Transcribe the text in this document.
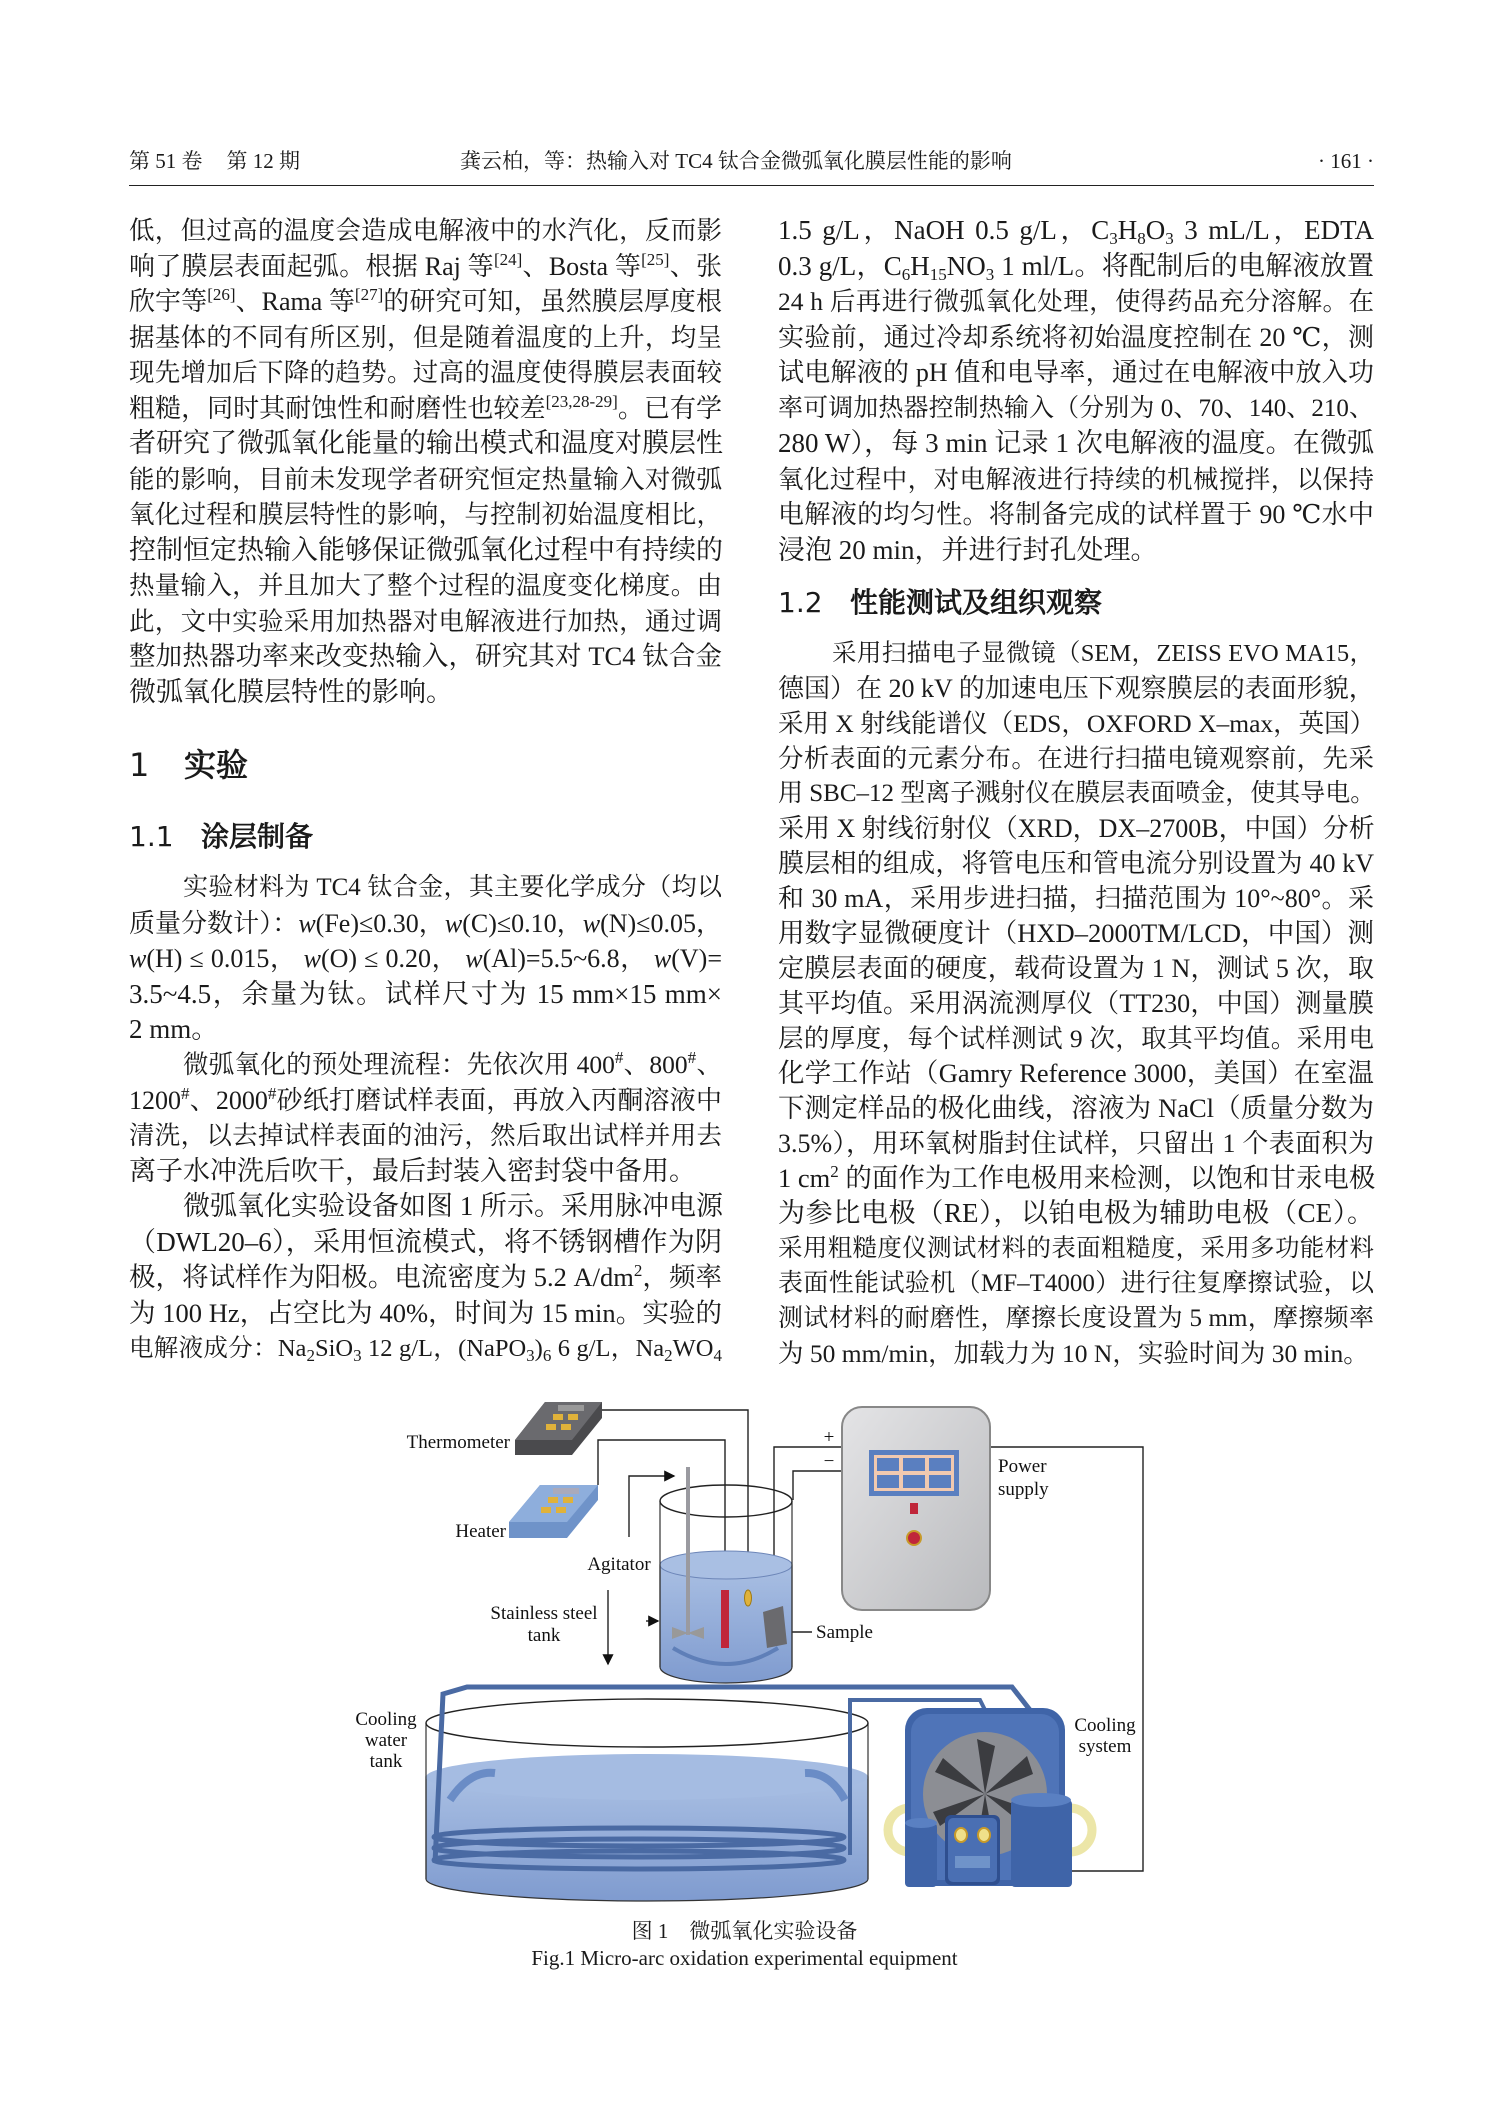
第 51 卷 第 12 期	龚云柏，等：热输入对 TC4 钛合金微弧氧化膜层性能的影响	· 161 ·
低，但过高的温度会造成电解液中的水汽化，反而影
响了膜层表面起弧。根据 Raj 等[24]、Bosta 等[25]、张
欣宇等[26]、Rama 等[27]的研究可知，虽然膜层厚度根
据基体的不同有所区别，但是随着温度的上升，均呈
现先增加后下降的趋势。过高的温度使得膜层表面较
粗糙，同时其耐蚀性和耐磨性也较差[23,28-29]。已有学
者研究了微弧氧化能量的输出模式和温度对膜层性
能的影响，目前未发现学者研究恒定热量输入对微弧
氧化过程和膜层特性的影响，与控制初始温度相比，
控制恒定热输入能够保证微弧氧化过程中有持续的
热量输入，并且加大了整个过程的温度变化梯度。由
此，文中实验采用加热器对电解液进行加热，通过调
整加热器功率来改变热输入，研究其对 TC4 钛合金
微弧氧化膜层特性的影响。
1 实验
1.1 涂层制备
实验材料为 TC4 钛合金，其主要化学成分（均以
质量分数计）：w(Fe)≤0.30，w(C)≤0.10，w(N)≤0.05，
w(H) ≤ 0.015， w(O) ≤ 0.20， w(Al)=5.5~6.8， w(V)=
3.5~4.5，余量为钛。试样尺寸为 15 mm×15 mm×
2 mm。
微弧氧化的预处理流程：先依次用 400#、800#、
1200#、2000#砂纸打磨试样表面，再放入丙酮溶液中
清洗，以去掉试样表面的油污，然后取出试样并用去
离子水冲洗后吹干，最后封装入密封袋中备用。
微弧氧化实验设备如图 1 所示。采用脉冲电源
（DWL20–6），采用恒流模式，将不锈钢槽作为阴
极，将试样作为阳极。电流密度为 5.2 $A/dm^2$，频率
为 100 Hz，占空比为 40%，时间为 15 min。实验的
电解液成分：$Na_2SiO_3$ 12 g/L，$(NaPO_3)_6$ 6 g/L，$Na_2WO_4$
1.5 g/L，NaOH 0.5 g/L，$C_3H_8O_3$ 3 mL/L，EDTA
0.3 g/L，$C_6H_{15}NO_3$ 1 ml/L。将配制后的电解液放置
24 h 后再进行微弧氧化处理，使得药品充分溶解。在
实验前，通过冷却系统将初始温度控制在 20 ℃，测
试电解液的 pH 值和电导率，通过在电解液中放入功
率可调加热器控制热输入（分别为 0、70、140、210、
280 W），每 3 min 记录 1 次电解液的温度。在微弧
氧化过程中，对电解液进行持续的机械搅拌，以保持
电解液的均匀性。将制备完成的试样置于 90 ℃水中
浸泡 20 min，并进行封孔处理。
1.2 性能测试及组织观察
采用扫描电子显微镜（SEM，ZEISS EVO MA15，
德国）在 20 kV 的加速电压下观察膜层的表面形貌，
采用 X 射线能谱仪（EDS，OXFORD X–max，英国）
分析表面的元素分布。在进行扫描电镜观察前，先采
用 SBC–12 型离子溅射仪在膜层表面喷金，使其导电。
采用 X 射线衍射仪（XRD，DX–2700B，中国）分析
膜层相的组成，将管电压和管电流分别设置为 40 kV
和 30 mA，采用步进扫描，扫描范围为 10°~80°。采
用数字显微硬度计（HXD–2000TM/LCD，中国）测
定膜层表面的硬度，载荷设置为 1 N，测试 5 次，取
其平均值。采用涡流测厚仪（TT230，中国）测量膜
层的厚度，每个试样测试 9 次，取其平均值。采用电
化学工作站（Gamry Reference 3000，美国）在室温
下测定样品的极化曲线，溶液为 NaCl（质量分数为
3.5%），用环氧树脂封住试样，只留出 1 个表面积为
1 $cm^2$ 的面作为工作电极用来检测，以饱和甘汞电极
为参比电极（RE），以铂电极为辅助电极（CE）。
采用粗糙度仪测试材料的表面粗糙度，采用多功能材料
表面性能试验机（MF–T4000）进行往复摩擦试验，以
测试材料的耐磨性，摩擦长度设置为 5 mm，摩擦频率
为 50 mm/min，加载力为 10 N，实验时间为 30 min。
Thermometer
Heater
Agitator
Stainless steel
tank	Sample
+
−	Power
supply
Cooling
water
tank
Cooling
system
图 1　微弧氧化实验设备
Fig.1 Micro-arc oxidation experimental equipment
